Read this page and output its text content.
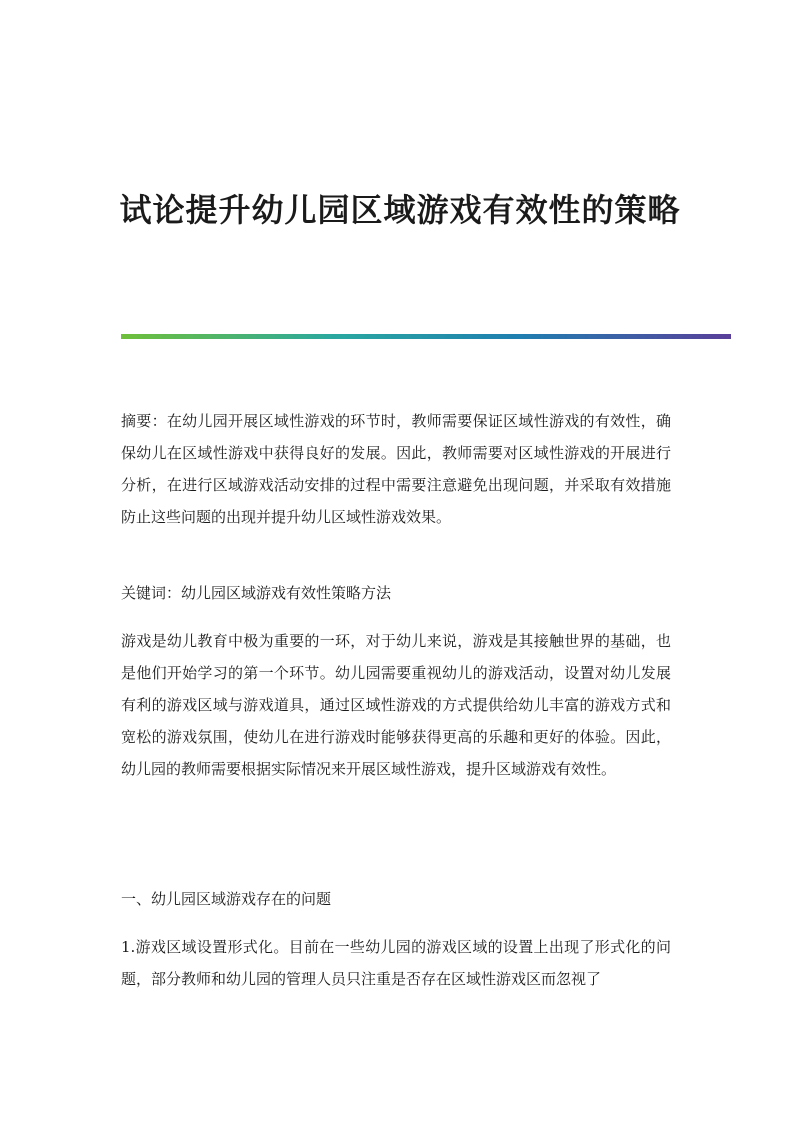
试论提升幼儿园区域游戏有效性的策略

摘要：在幼儿园开展区域性游戏的环节时，教师需要保证区域性游戏的有效性，确保幼儿在区域性游戏中获得良好的发展。因此，教师需要对区域性游戏的开展进行分析，在进行区域游戏活动安排的过程中需要注意避免出现问题，并采取有效措施防止这些问题的出现并提升幼儿区域性游戏效果。

关键词：幼儿园区域游戏有效性策略方法

游戏是幼儿教育中极为重要的一环，对于幼儿来说，游戏是其接触世界的基础，也是他们开始学习的第一个环节。幼儿园需要重视幼儿的游戏活动，设置对幼儿发展有利的游戏区域与游戏道具，通过区域性游戏的方式提供给幼儿丰富的游戏方式和宽松的游戏氛围，使幼儿在进行游戏时能够获得更高的乐趣和更好的体验。因此，幼儿园的教师需要根据实际情况来开展区域性游戏，提升区域游戏有效性。

一、幼儿园区域游戏存在的问题

1.游戏区域设置形式化。目前在一些幼儿园的游戏区域的设置上出现了形式化的问题，部分教师和幼儿园的管理人员只注重是否存在区域性游戏区而忽视了
